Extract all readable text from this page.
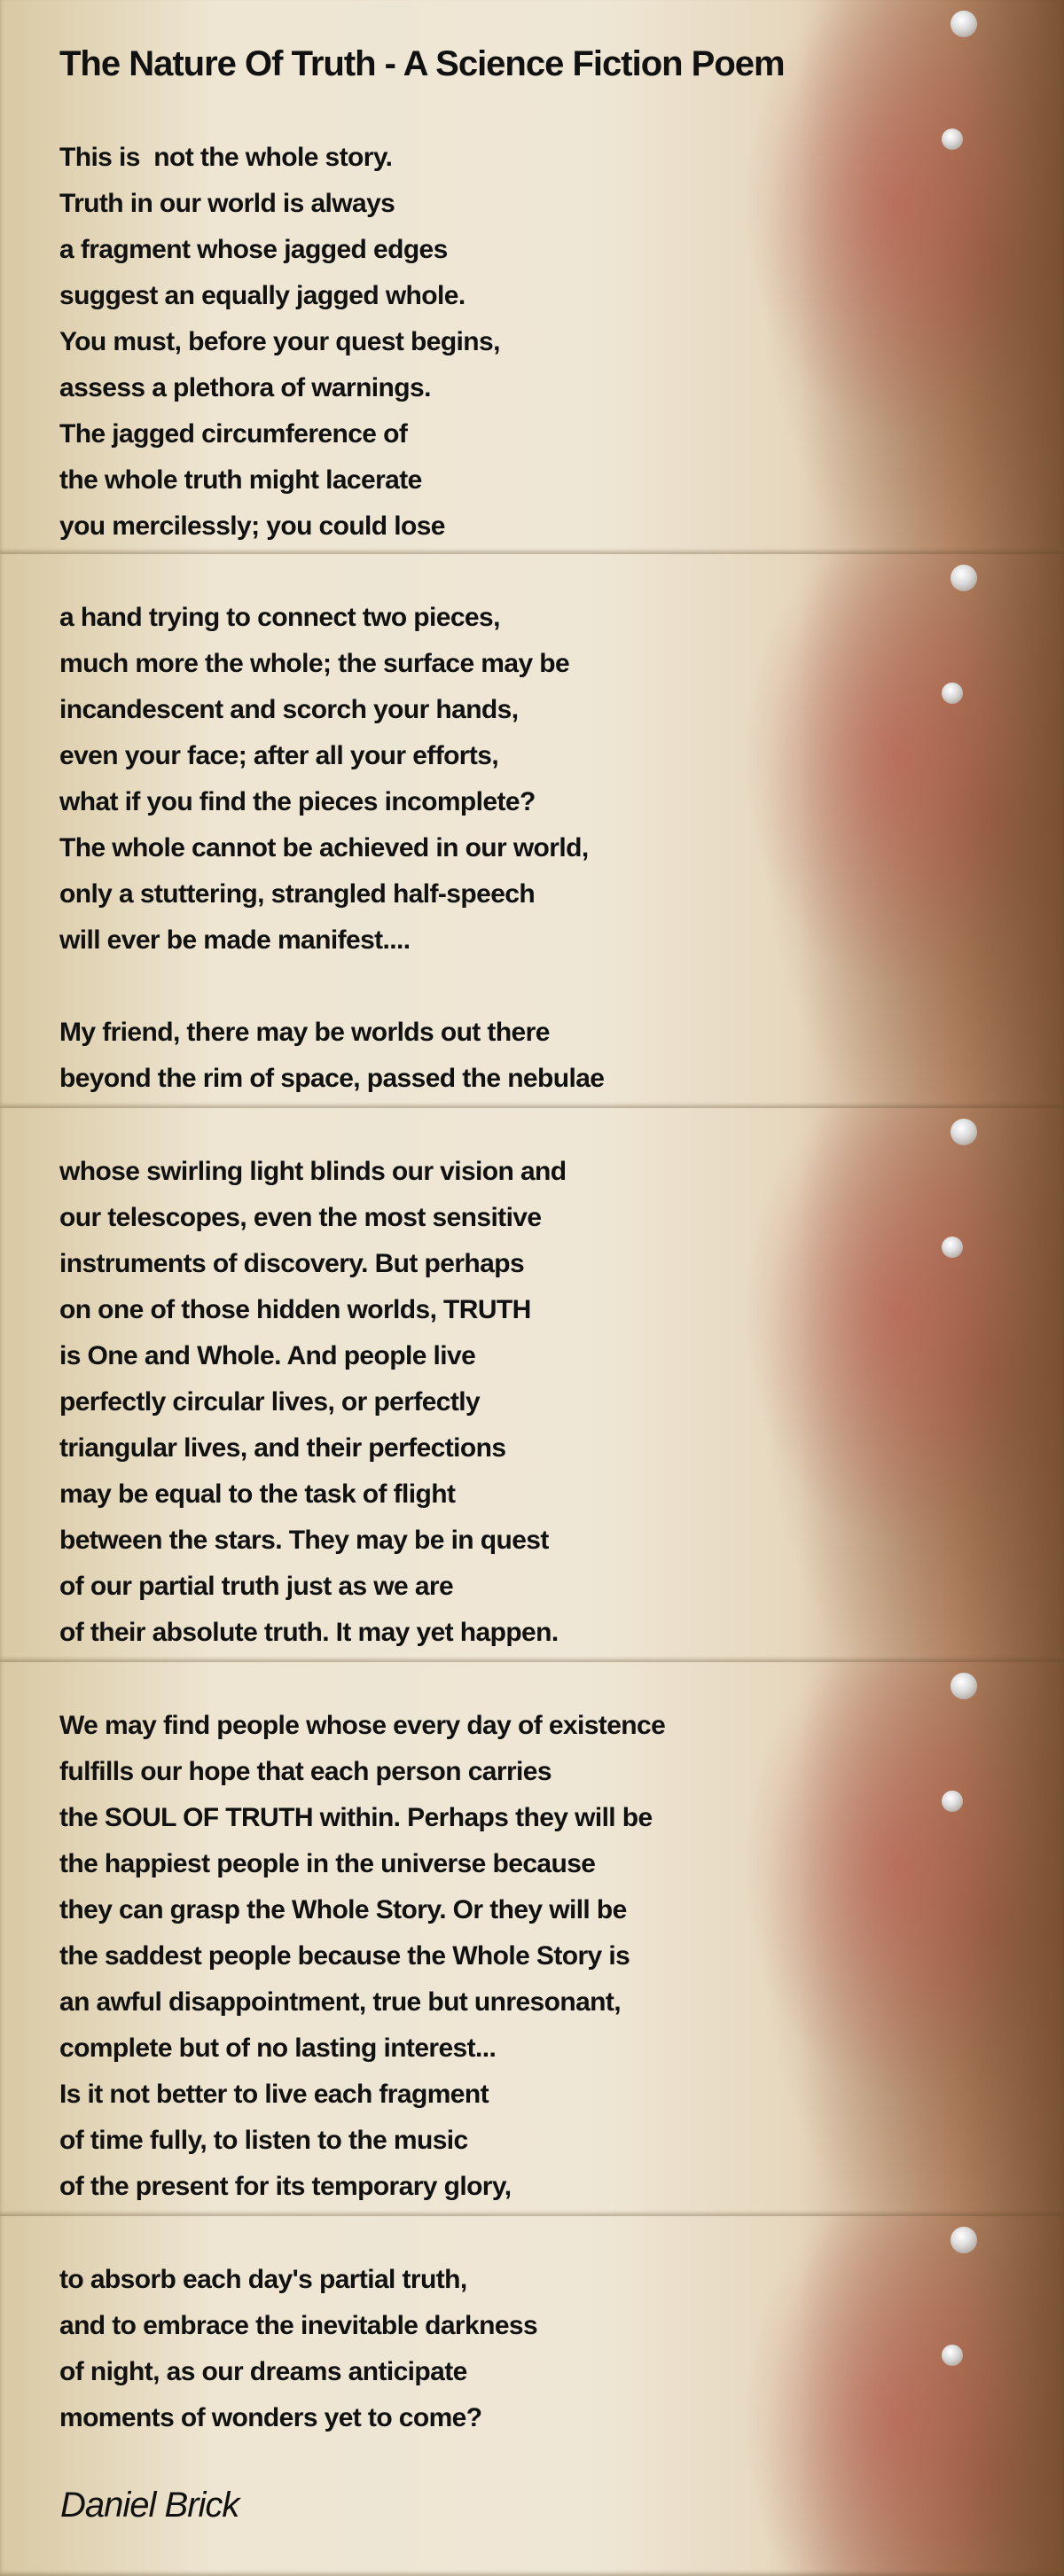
The Nature Of Truth - A Science Fiction Poem
This is  not the whole story.
Truth in our world is always
a fragment whose jagged edges
suggest an equally jagged whole.
You must, before your quest begins,
assess a plethora of warnings.
The jagged circumference of
the whole truth might lacerate
you mercilessly; you could lose
a hand trying to connect two pieces,
much more the whole; the surface may be
incandescent and scorch your hands,
even your face; after all your efforts,
what if you find the pieces incomplete?
The whole cannot be achieved in our world,
only a stuttering, strangled half-speech
will ever be made manifest....
My friend, there may be worlds out there
beyond the rim of space, passed the nebulae
whose swirling light blinds our vision and
our telescopes, even the most sensitive
instruments of discovery. But perhaps
on one of those hidden worlds, TRUTH
is One and Whole. And people live
perfectly circular lives, or perfectly
triangular lives, and their perfections
may be equal to the task of flight
between the stars. They may be in quest
of our partial truth just as we are
of their absolute truth. It may yet happen.
We may find people whose every day of existence
fulfills our hope that each person carries
the SOUL OF TRUTH within. Perhaps they will be
the happiest people in the universe because
they can grasp the Whole Story. Or they will be
the saddest people because the Whole Story is
an awful disappointment, true but unresonant,
complete but of no lasting interest...
Is it not better to live each fragment
of time fully, to listen to the music
of the present for its temporary glory,
to absorb each day's partial truth,
and to embrace the inevitable darkness
of night, as our dreams anticipate
moments of wonders yet to come?
Daniel Brick
